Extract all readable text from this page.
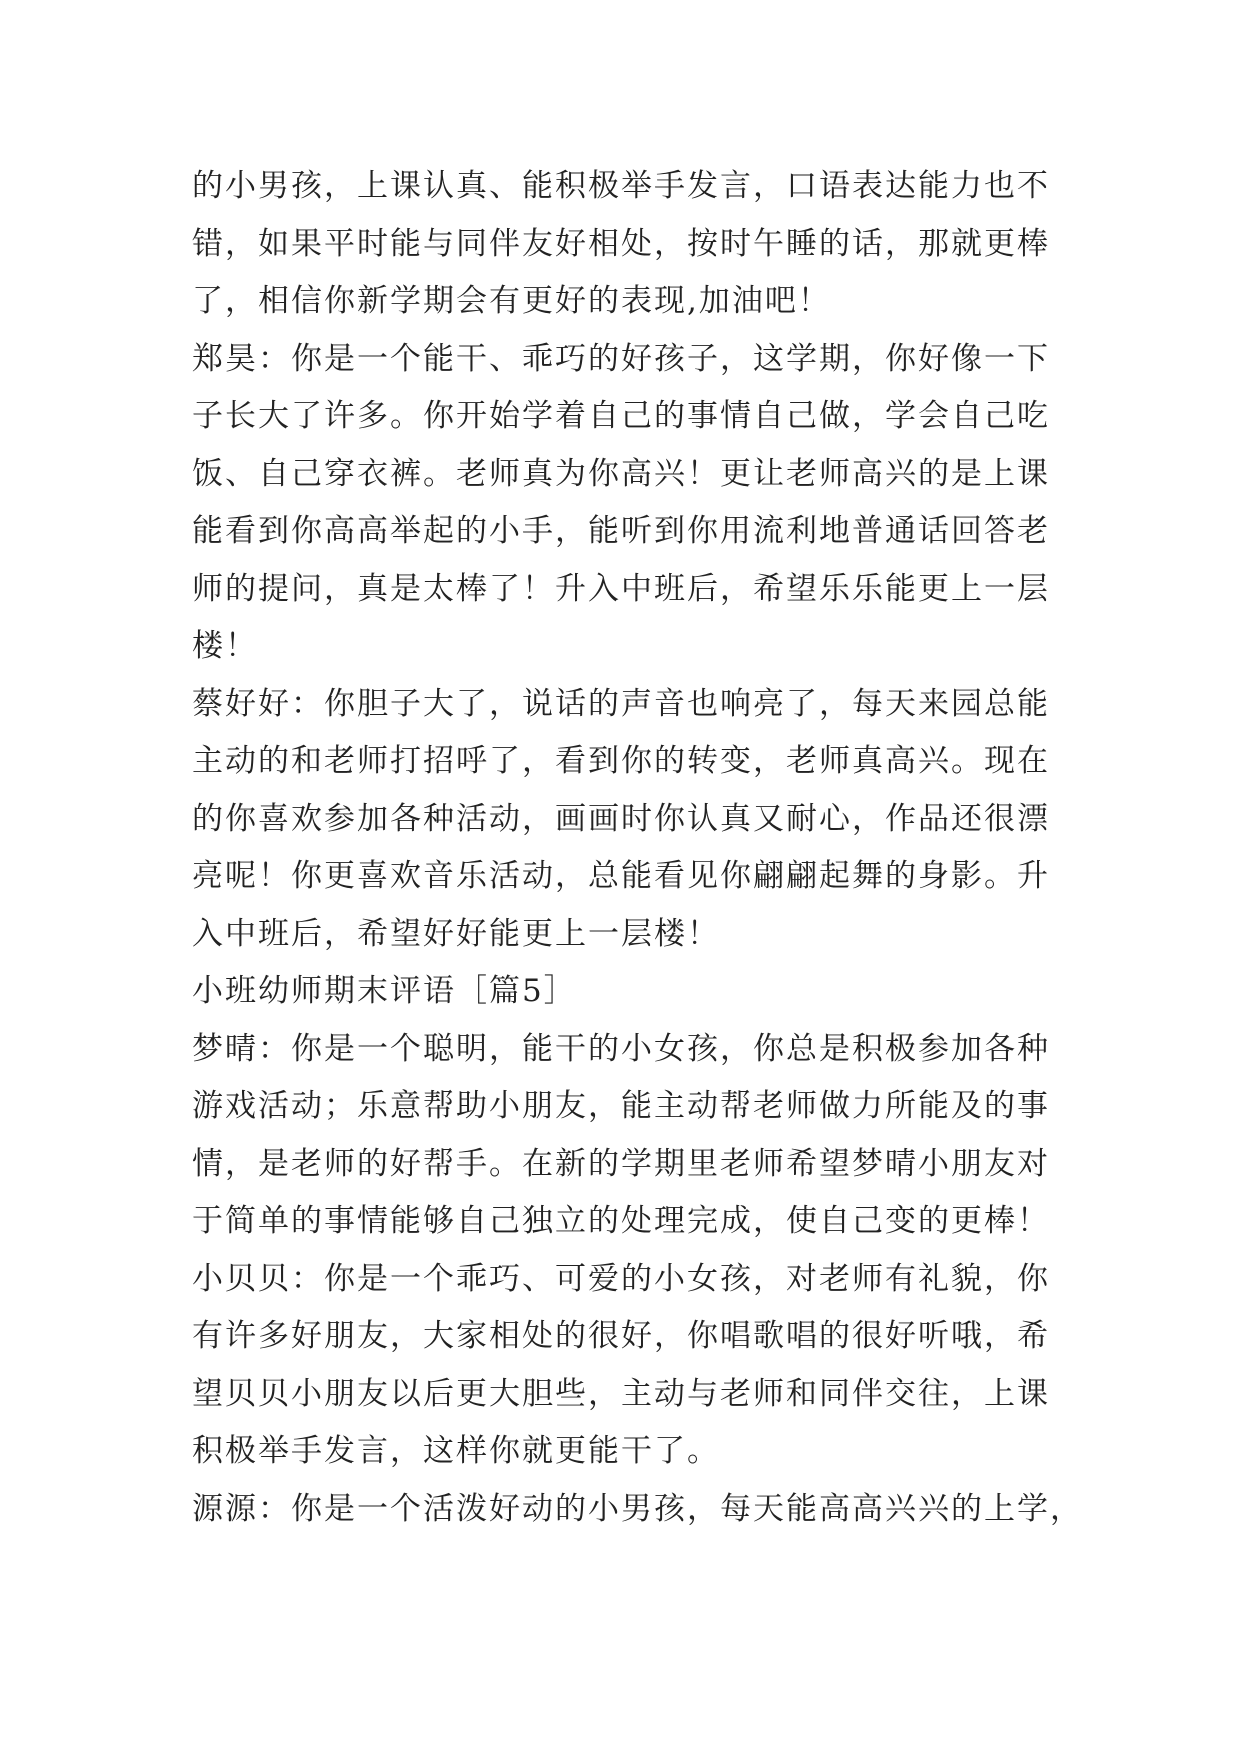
的小男孩，上课认真、能积极举手发言，口语表达能力也不
错，如果平时能与同伴友好相处，按时午睡的话，那就更棒
了，相信你新学期会有更好的表现,加油吧！
郑昊：你是一个能干、乖巧的好孩子，这学期，你好像一下
子长大了许多。你开始学着自己的事情自己做，学会自己吃
饭、自己穿衣裤。老师真为你高兴！更让老师高兴的是上课
能看到你高高举起的小手，能听到你用流利地普通话回答老
师的提问，真是太棒了！升入中班后，希望乐乐能更上一层
楼！
蔡好好：你胆子大了，说话的声音也响亮了，每天来园总能
主动的和老师打招呼了，看到你的转变，老师真高兴。现在
的你喜欢参加各种活动，画画时你认真又耐心，作品还很漂
亮呢！你更喜欢音乐活动，总能看见你翩翩起舞的身影。升
入中班后，希望好好能更上一层楼！
小班幼师期末评语［篇5］
梦晴：你是一个聪明，能干的小女孩，你总是积极参加各种
游戏活动；乐意帮助小朋友，能主动帮老师做力所能及的事
情，是老师的好帮手。在新的学期里老师希望梦晴小朋友对
于简单的事情能够自己独立的处理完成，使自己变的更棒！
小贝贝：你是一个乖巧、可爱的小女孩，对老师有礼貌，你
有许多好朋友，大家相处的很好，你唱歌唱的很好听哦，希
望贝贝小朋友以后更大胆些，主动与老师和同伴交往，上课
积极举手发言，这样你就更能干了。
源源：你是一个活泼好动的小男孩，每天能高高兴兴的上学，
